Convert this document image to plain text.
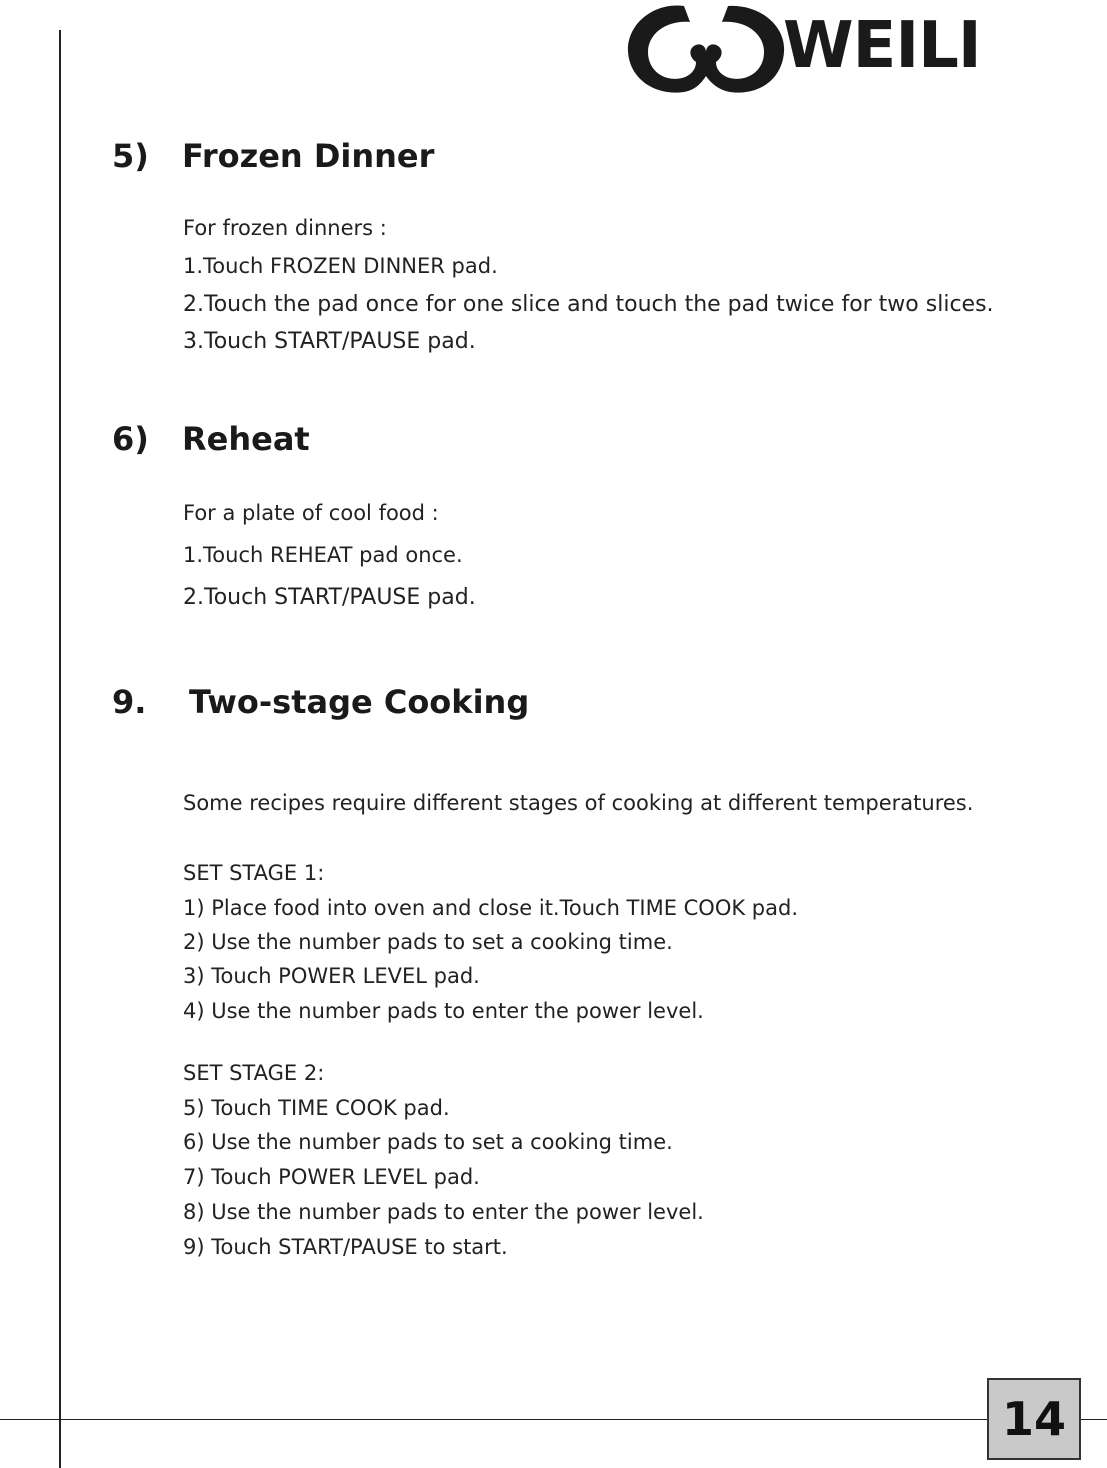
WEILI
5) Frozen Dinner
For frozen dinners :
1.Touch FROZEN DINNER pad.
2.Touch the pad once for one slice and touch the pad twice for two slices.
3.Touch START/PAUSE pad.
6) Reheat
For a plate of cool food :
1.Touch REHEAT pad once.
2.Touch START/PAUSE pad.
9. Two-stage Cooking
Some recipes require different stages of cooking at different temperatures.
SET STAGE 1:
1) Place food into oven and close it.Touch TIME COOK pad.
2) Use the number pads to set a cooking time.
3) Touch POWER LEVEL pad.
4) Use the number pads to enter the power level.
SET STAGE 2:
5) Touch TIME COOK pad.
6) Use the number pads to set a cooking time.
7) Touch POWER LEVEL pad.
8) Use the number pads to enter the power level.
9) Touch START/PAUSE to start.
14
